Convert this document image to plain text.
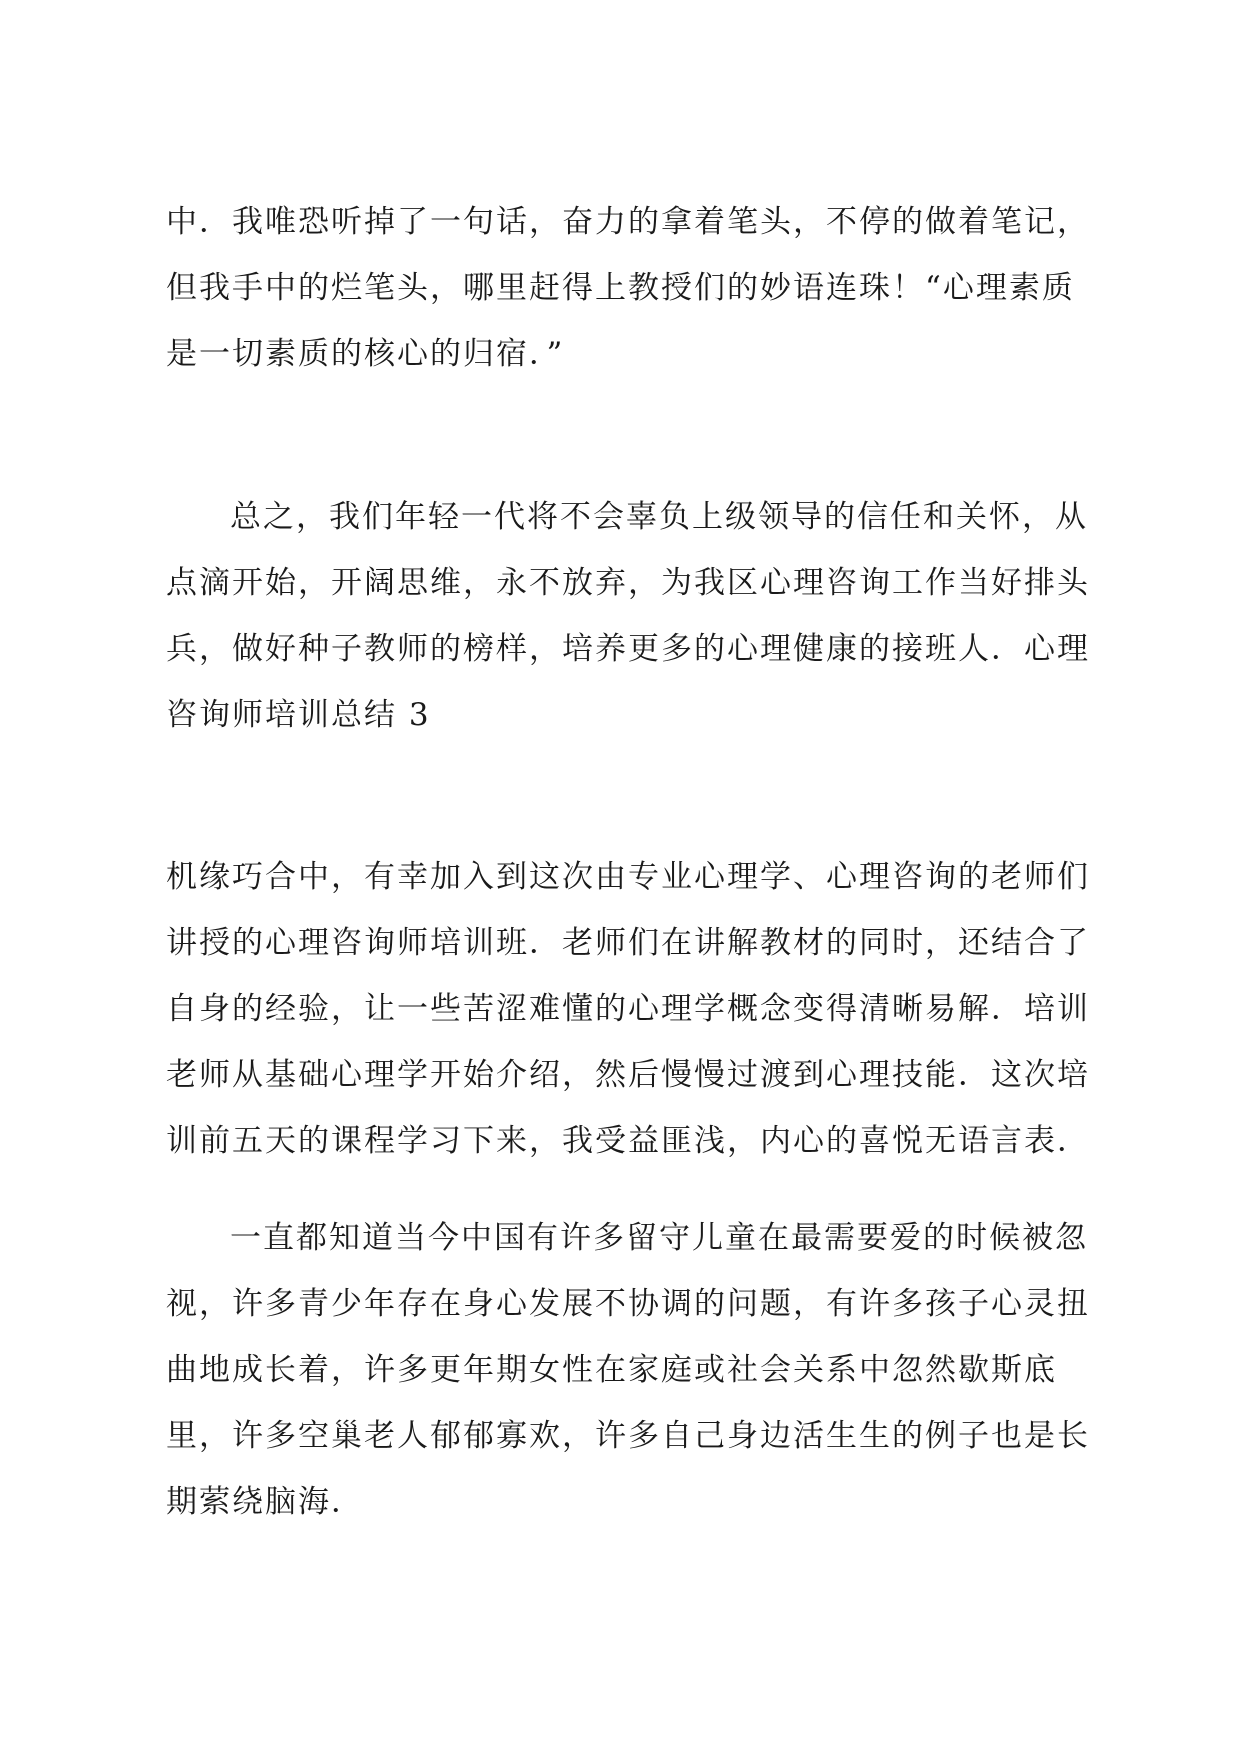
中．我唯恐听掉了一句话，奋力的拿着笔头，不停的做着笔记，
但我手中的烂笔头，哪里赶得上教授们的妙语连珠！“心理素质
是一切素质的核心的归宿．”

总之，我们年轻一代将不会辜负上级领导的信任和关怀，从
点滴开始，开阔思维，永不放弃，为我区心理咨询工作当好排头
兵，做好种子教师的榜样，培养更多的心理健康的接班人．心理
咨询师培训总结 3

机缘巧合中，有幸加入到这次由专业心理学、心理咨询的老师们
讲授的心理咨询师培训班．老师们在讲解教材的同时，还结合了
自身的经验，让一些苦涩难懂的心理学概念变得清晰易解．培训
老师从基础心理学开始介绍，然后慢慢过渡到心理技能．这次培
训前五天的课程学习下来，我受益匪浅，内心的喜悦无语言表．

一直都知道当今中国有许多留守儿童在最需要爱的时候被忽
视，许多青少年存在身心发展不协调的问题，有许多孩子心灵扭
曲地成长着，许多更年期女性在家庭或社会关系中忽然歇斯底
里，许多空巢老人郁郁寡欢，许多自己身边活生生的例子也是长
期萦绕脑海．
